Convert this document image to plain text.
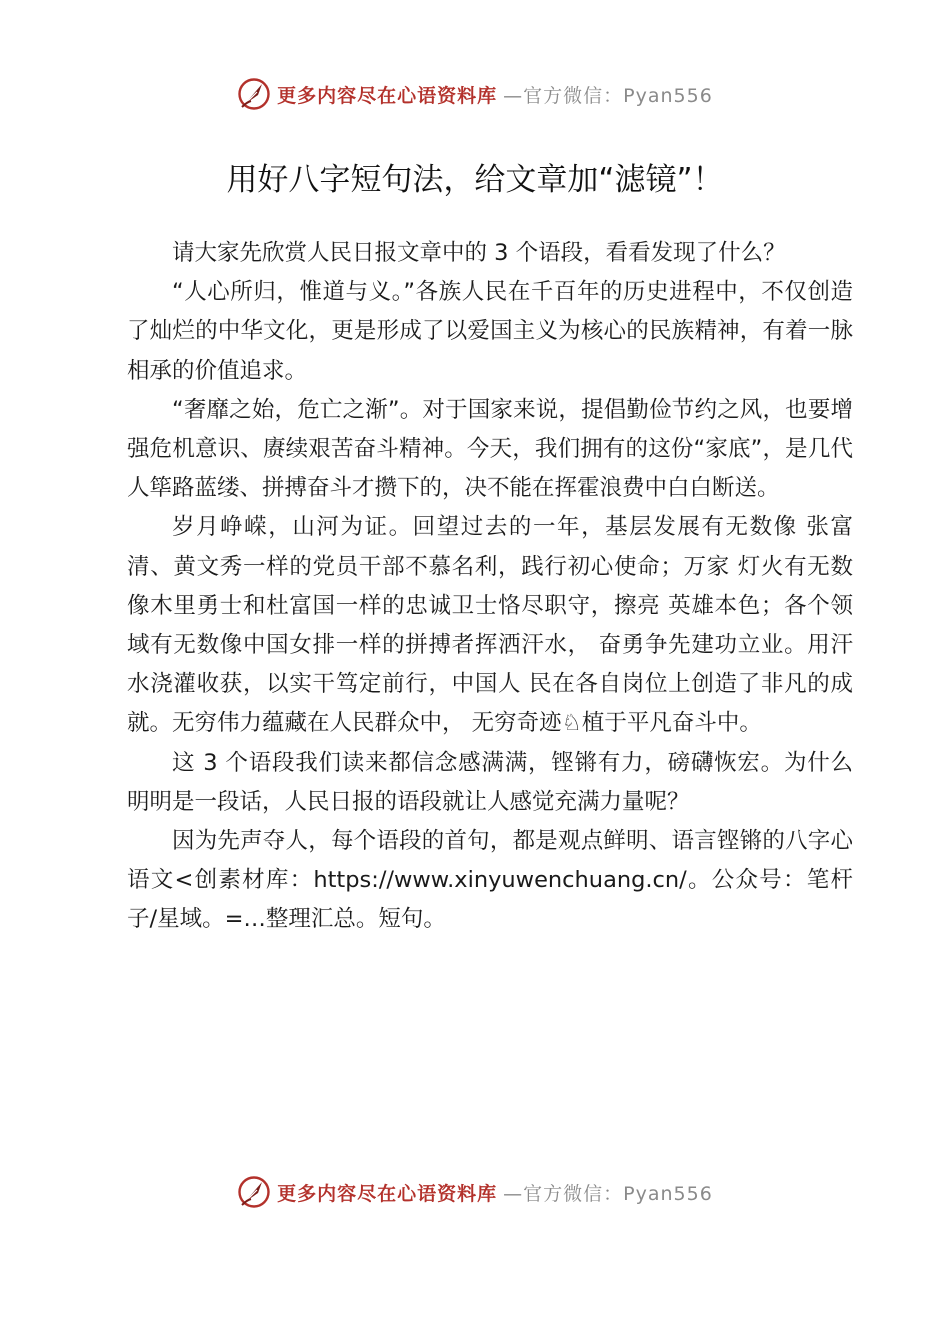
更多内容尽在心语资料库 —官方微信：Pyan556
用好八字短句法，给文章加“滤镜”！

请大家先欣赏人民日报文章中的 3 个语段，看看发现了什么？

“人心所归，惟道与义。”各族人民在千百年的历史进程中，不仅创造了灿烂的中华文化，更是形成了以爱国主义为核心的民族精神，有着一脉相承的价值追求。

“奢靡之始，危亡之渐”。对于国家来说，提倡勤俭节约之风，也要增强危机意识、赓续艰苦奋斗精神。今天，我们拥有的这份“家底”，是几代人筚路蓝缕、拼搏奋斗才攒下的，决不能在挥霍浪费中白白断送。

岁月峥嵘，山河为证。回望过去的一年，基层发展有无数像 张富清、黄文秀一样的党员干部不慕名利，践行初心使命；万家 灯火有无数像木里勇士和杜富国一样的忠诚卫士恪尽职守，擦亮 英雄本色；各个领域有无数像中国女排一样的拼搏者挥洒汗水， 奋勇争先建功立业。用汗水浇灌收获，以实干笃定前行，中国人 民在各自岗位上创造了非凡的成就。无穷伟力蕴藏在人民群众中， 无穷奇迹♘植于平凡奋斗中。

这 3 个语段我们读来都信念感满满，铿锵有力，磅礴恢宏。为什么明明是一段话，人民日报的语段就让人感觉充满力量呢？

因为先声夺人，每个语段的首句，都是观点鲜明、语言铿锵的八字心语文<创素材库：https://www.xinyuwenchuang.cn/。公众号：笔杆子/星域。=…整理汇总。短句。

更多内容尽在心语资料库 —官方微信：Pyan556
